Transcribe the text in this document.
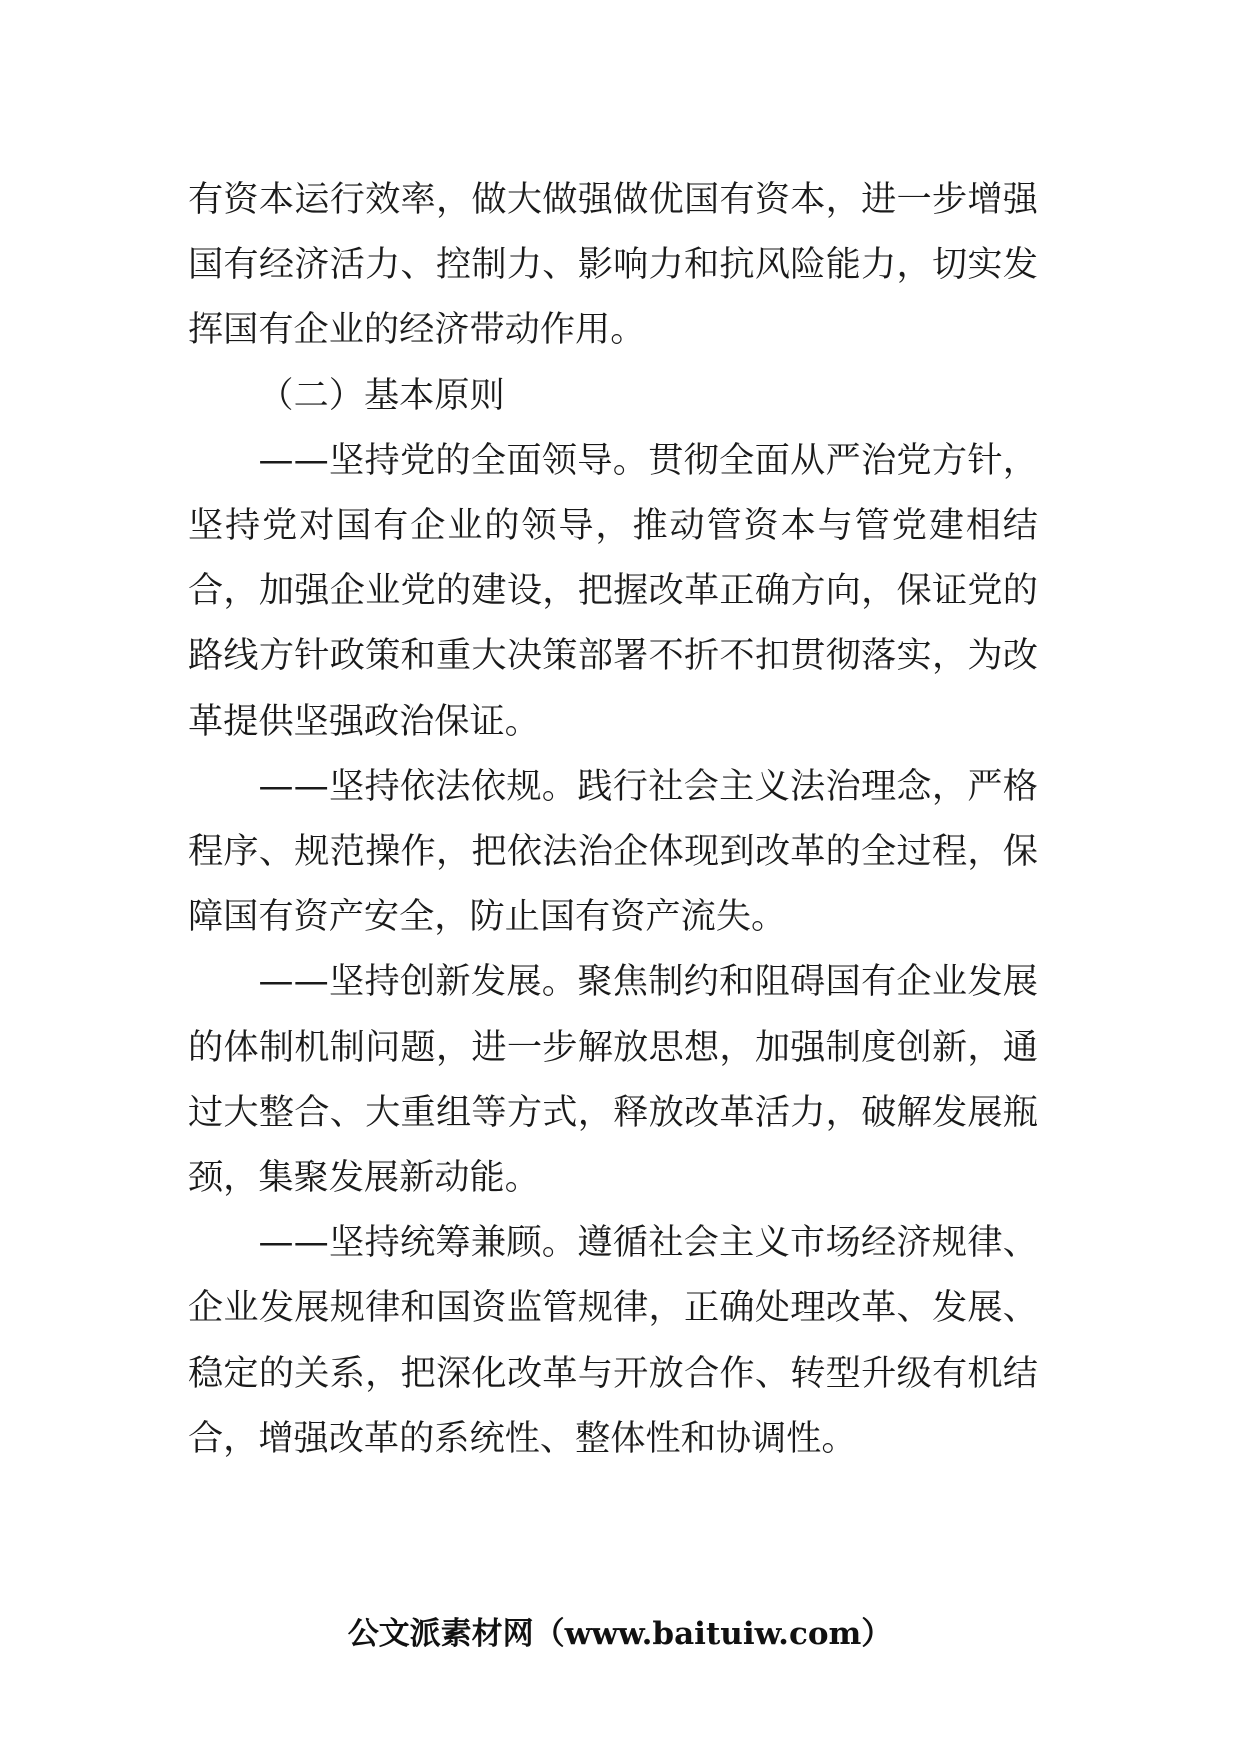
有资本运行效率，做大做强做优国有资本，进一步增强国有经济活力、控制力、影响力和抗风险能力，切实发挥国有企业的经济带动作用。

（二）基本原则

——坚持党的全面领导。贯彻全面从严治党方针，坚持党对国有企业的领导，推动管资本与管党建相结合，加强企业党的建设，把握改革正确方向，保证党的路线方针政策和重大决策部署不折不扣贯彻落实，为改革提供坚强政治保证。

——坚持依法依规。践行社会主义法治理念，严格程序、规范操作，把依法治企体现到改革的全过程，保障国有资产安全，防止国有资产流失。

——坚持创新发展。聚焦制约和阻碍国有企业发展的体制机制问题，进一步解放思想，加强制度创新，通过大整合、大重组等方式，释放改革活力，破解发展瓶颈，集聚发展新动能。

——坚持统筹兼顾。遵循社会主义市场经济规律、企业发展规律和国资监管规律，正确处理改革、发展、稳定的关系，把深化改革与开放合作、转型升级有机结合，增强改革的系统性、整体性和协调性。

公文派素材网（www.baituiw.com）
